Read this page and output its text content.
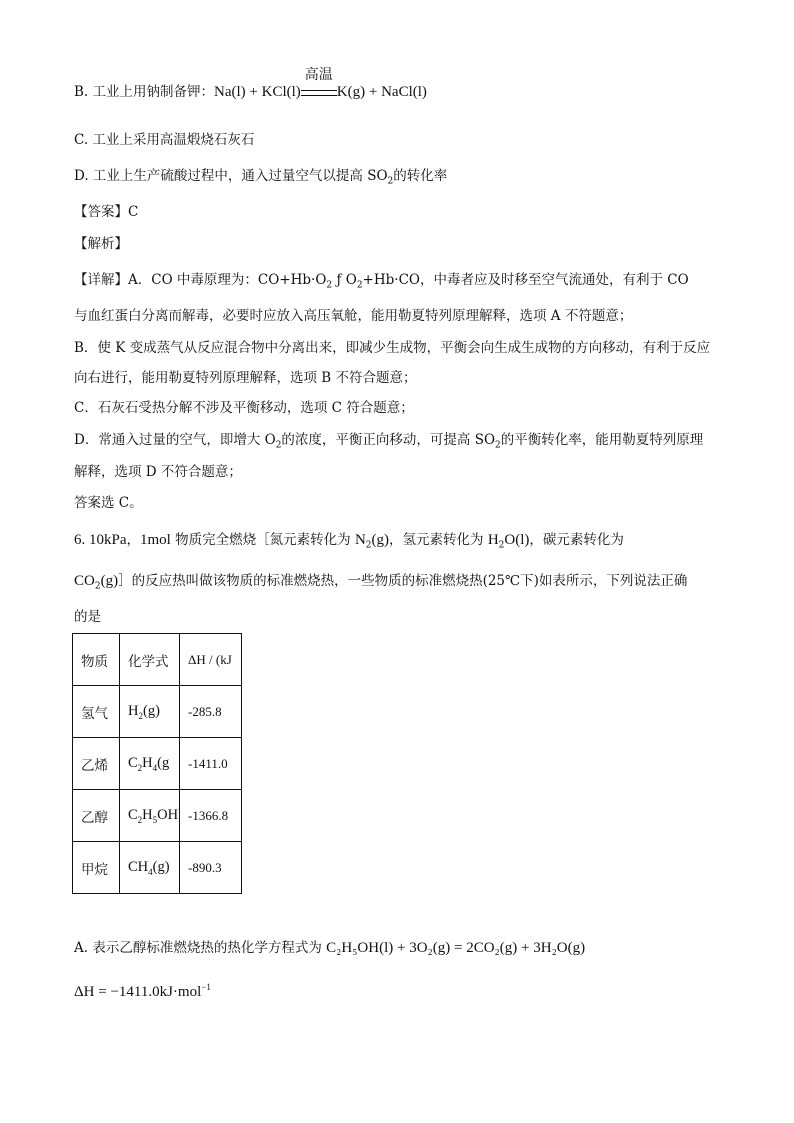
B. 工业上用钠制备钾：Na(l) + KCl(l)
高温
K(g) + NaCl(l)
C. 工业上采用高温煅烧石灰石
D. 工业上生产硫酸过程中，通入过量空气以提高 $SO_2$的转化率
【答案】C
【解析】
【详解】A．CO 中毒原理为：$CO+Hb\cdot O_2$ ƒ $O_2+Hb\cdot CO$，中毒者应及时移至空气流通处，有利于 CO
与血红蛋白分离而解毒，必要时应放入高压氧舱，能用勒夏特列原理解释，选项 A 不符题意；
B．使 K 变成蒸气从反应混合物中分离出来，即减少生成物，平衡会向生成生成物的方向移动，有利于反应
向右进行，能用勒夏特列原理解释，选项 B 不符合题意；
C．石灰石受热分解不涉及平衡移动，选项 C 符合题意；
D．常通入过量的空气，即增大 $O_2$的浓度，平衡正向移动，可提高 $SO_2$的平衡转化率，能用勒夏特列原理
解释，选项 D 不符合题意；
答案选 C。
6. 10kPa，1mol 物质完全燃烧［氮元素转化为 $N_2(g)$，氢元素转化为 $H_2O(l)$，碳元素转化为
$CO_2(g)]$的反应热叫做该物质的标准燃烧热，一些物质的标准燃烧热(25℃下)如表所示，下列说法正确
的是
物质	化学式	ΔH / (kJ
氢气	$H_2(g)$	-285.8
乙烯	$C_2H_4(g$	-1411.0
乙醇	$C_2H_5OH$	-1366.8
甲烷	$CH_4(g)$	-890.3
A. 表示乙醇标准燃烧热的热化学方程式为 C₂H₅OH(l) + 3O₂(g) = 2CO₂(g) + 3H₂O(g)
ΔH = −1411.0kJ·mol$^{-1}$
